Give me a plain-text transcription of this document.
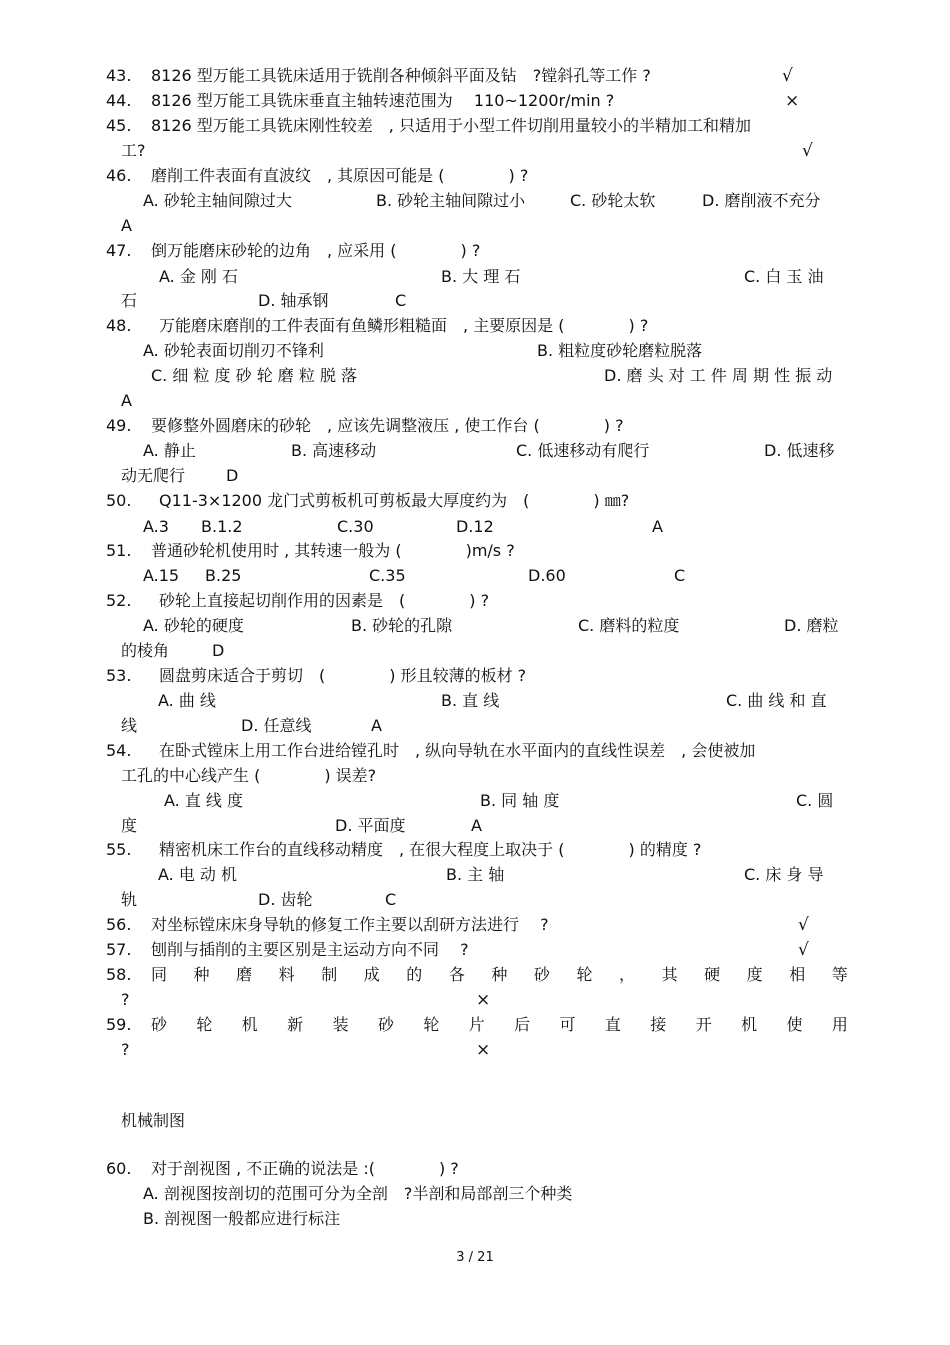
43. 8126 型万能工具铣床适用于铣削各种倾斜平面及钻　?镗斜孔等工作 ?	√
44. 8126 型万能工具铣床垂直主轴转速范围为　 110~1200r/min ?	×
45. 8126 型万能工具铣床刚性较差　, 只适用于小型工件切削用量较小的半精加工和精加
工?	√
46. 磨削工件表面有直波纹　, 其原因可能是 (　　　　) ?
A. 砂轮主轴间隙过大	B. 砂轮主轴间隙过小	C. 砂轮太软	D. 磨削液不充分
A
47. 倒万能磨床砂轮的边角　, 应采用 (　　　　) ?
A. 金 刚 石	B. 大 理 石	C. 白 玉 油
石	D. 轴承钢	C
48. 万能磨床磨削的工件表面有鱼鳞形粗糙面　, 主要原因是 (　　　　) ?
A. 砂轮表面切削刃不锋利	B. 粗粒度砂轮磨粒脱落
C. 细 粒 度 砂 轮 磨 粒 脱 落	D. 磨 头 对 工 件 周 期 性 振 动
A
49. 要修整外圆磨床的砂轮　, 应该先调整液压 , 使工作台 (　　　　) ?
A. 静止	B. 高速移动	C. 低速移动有爬行	D. 低速移
动无爬行	D
50. Q11-3×1200 龙门式剪板机可剪板最大厚度约为　(　　　　) ㎜?
A.3 B.1.2	C.30	D.12	A
51. 普通砂轮机使用时 , 其转速一般为 (　　　　)m/s ?
A.15 B.25	C.35	D.60	C
52. 砂轮上直接起切削作用的因素是　(　　　　) ?
A. 砂轮的硬度	B. 砂轮的孔隙	C. 磨料的粒度	D. 磨粒
的棱角	D
53. 圆盘剪床适合于剪切　(　　　　) 形且较薄的板材 ?
A. 曲 线	B. 直 线	C. 曲 线 和 直
线	D. 任意线	A
54. 在卧式镗床上用工作台进给镗孔时　, 纵向导轨在水平面内的直线性误差　, 会使被加
工孔的中心线产生 (　　　　) 误差?
A. 直 线 度	B. 同 轴 度	C. 圆
度	D. 平面度	A
55. 精密机床工作台的直线移动精度　, 在很大程度上取决于 (　　　　) 的精度 ?
A. 电 动 机	B. 主 轴	C. 床 身 导
轨	D. 齿轮	C
56. 对坐标镗床床身导轨的修复工作主要以刮研方法进行　 ?	√
57. 刨削与插削的主要区别是主运动方向不同　 ?	√
58. 同 种 磨 料 制 成 的 各 种 砂 轮 ， 其 硬 度 相 等
?	×
59. 砂 轮 机 新 装 砂 轮 片 后 可 直 接 开 机 使 用
?	×
机械制图
60. 对于剖视图 , 不正确的说法是 :(　　　　) ?
A. 剖视图按剖切的范围可分为全剖　?半剖和局部剖三个种类
B. 剖视图一般都应进行标注
3 / 21
